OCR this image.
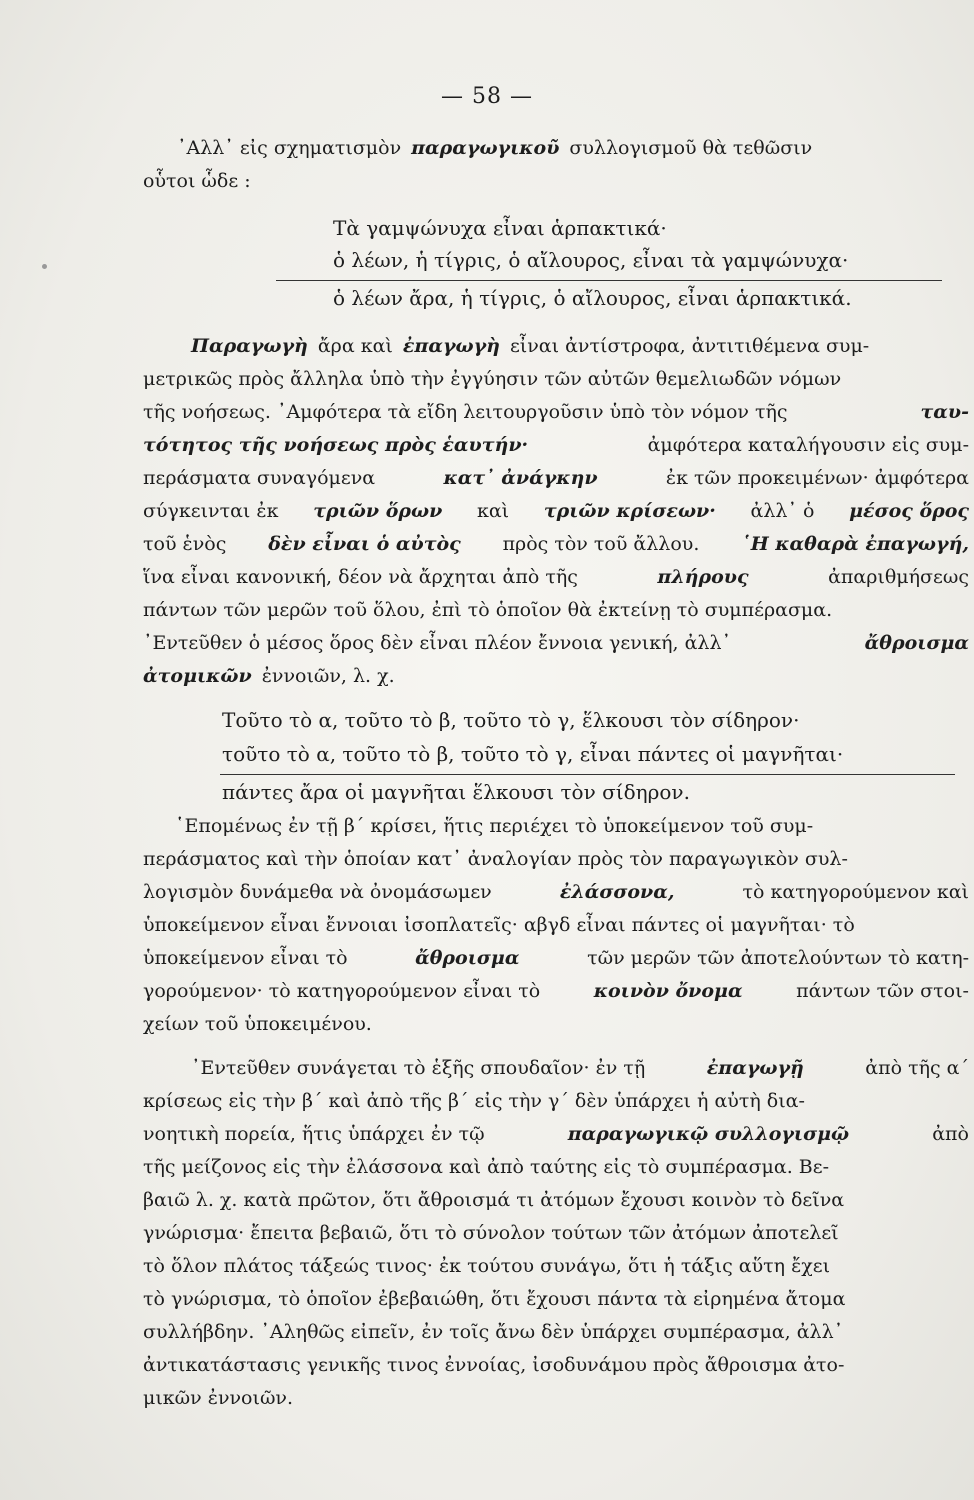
— 58 —
᾿Αλλ᾿ εἰς σχηματισμὸν παραγωγικοῦ συλλογισμοῦ θὰ τεθῶσιν
οὗτοι ὧδε :
Τὰ γαμψώνυχα εἶναι ἁρπακτικά·
ὁ λέων, ἡ τίγρις, ὁ αἴλουρος, εἶναι τὰ γαμψώνυχα·
ὁ λέων ἄρα, ἡ τίγρις, ὁ αἴλουρος, εἶναι ἁρπακτικά.
Παραγωγὴ ἄρα καὶ ἐπαγωγὴ εἶναι ἀντίστροφα, ἀντιτιθέμενα συμ-
μετρικῶς πρὸς ἄλληλα ὑπὸ τὴν ἐγγύησιν τῶν αὐτῶν θεμελιωδῶν νόμων
τῆς νοήσεως. ᾿Αμφότερα τὰ εἴδη λειτουργοῦσιν ὑπὸ τὸν νόμον τῆς	ταυ-
τότητος τῆς νοήσεως πρὸς ἑαυτήν·	ἀμφότερα καταλήγουσιν εἰς συμ-
περάσματα συναγόμενα	κατ᾿ ἀνάγκην	ἐκ τῶν προκειμένων· ἀμφότερα
σύγκεινται ἐκ τριῶν ὅρων καὶ τριῶν κρίσεων· ἀλλ᾿ ὁ μέσος ὅρος
τοῦ ἑνὸς δὲν εἶναι ὁ αὐτὸς πρὸς τὸν τοῦ ἄλλου. ῾Η καθαρὰ ἐπαγωγή,
ἵνα εἶναι κανονική, δέον νὰ ἄρχηται ἀπὸ τῆς	πλήρους	ἀπαριθμήσεως
πάντων τῶν μερῶν τοῦ ὅλου, ἐπὶ τὸ ὁποῖον θὰ ἐκτείνῃ τὸ συμπέρασμα.
᾿Εντεῦθεν ὁ μέσος ὅρος δὲν εἶναι πλέον ἔννοια γενική, ἀλλ᾿	ἄθροισμα
ἀτομικῶν ἐννοιῶν, λ. χ.
Τοῦτο τὸ α, τοῦτο τὸ β, τοῦτο τὸ γ, ἕλκουσι τὸν σίδηρον·
τοῦτο τὸ α, τοῦτο τὸ β, τοῦτο τὸ γ, εἶναι πάντες οἱ μαγνῆται·
πάντες ἄρα οἱ μαγνῆται ἕλκουσι τὸν σίδηρον.
῾Επομένως ἐν τῇ β΄ κρίσει, ἥτις περιέχει τὸ ὑποκείμενον τοῦ συμ-
περάσματος καὶ τὴν ὁποίαν κατ᾿ ἀναλογίαν πρὸς τὸν παραγωγικὸν συλ-
λογισμὸν δυνάμεθα νὰ ὀνομάσωμεν	ἐλάσσονα,	τὸ κατηγορούμενον καὶ
ὑποκείμενον εἶναι ἔννοιαι ἰσοπλατεῖς· αβγδ εἶναι πάντες οἱ μαγνῆται· τὸ
ὑποκείμενον εἶναι τὸ	ἄθροισμα	τῶν μερῶν τῶν ἀποτελούντων τὸ κατη-
γορούμενον· τὸ κατηγορούμενον εἶναι τὸ	κοινὸν ὄνομα	πάντων τῶν στοι-
χείων τοῦ ὑποκειμένου.
᾿Εντεῦθεν συνάγεται τὸ ἑξῆς σπουδαῖον· ἐν τῇ	ἐπαγωγῇ	ἀπὸ τῆς α΄
κρίσεως εἰς τὴν β΄ καὶ ἀπὸ τῆς β΄ εἰς τὴν γ΄ δὲν ὑπάρχει ἡ αὐτὴ δια-
νοητικὴ πορεία, ἥτις ὑπάρχει ἐν τῷ	παραγωγικῷ συλλογισμῷ	ἀπὸ
τῆς μείζονος εἰς τὴν ἐλάσσονα καὶ ἀπὸ ταύτης εἰς τὸ συμπέρασμα. Βε-
βαιῶ λ. χ. κατὰ πρῶτον, ὅτι ἄθροισμά τι ἀτόμων ἔχουσι κοινὸν τὸ δεῖνα
γνώρισμα· ἔπειτα βεβαιῶ, ὅτι τὸ σύνολον τούτων τῶν ἀτόμων ἀποτελεῖ
τὸ ὅλον πλάτος τάξεώς τινος· ἐκ τούτου συνάγω, ὅτι ἡ τάξις αὕτη ἔχει
τὸ γνώρισμα, τὸ ὁποῖον ἐβεβαιώθη, ὅτι ἔχουσι πάντα τὰ εἰρημένα ἄτομα
συλλήβδην. ᾿Αληθῶς εἰπεῖν, ἐν τοῖς ἄνω δὲν ὑπάρχει συμπέρασμα, ἀλλ᾿
ἀντικατάστασις γενικῆς τινος ἐννοίας, ἰσοδυνάμου πρὸς ἄθροισμα ἀτο-
μικῶν ἐννοιῶν.
